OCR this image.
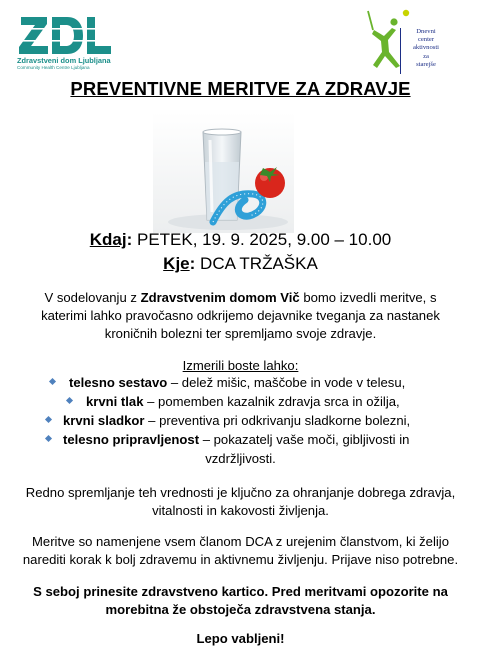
Zdravstveni dom Ljubljana
Community Health Centre Ljubljana
Dnevni
center
aktivnosti
za
starejše
PREVENTIVNE MERITVE ZA ZDRAVJE
Kdaj: PETEK, 19. 9. 2025, 9.00 – 10.00
Kje: DCA TRŽAŠKA
V sodelovanju z Zdravstvenim domom Vič bomo izvedli meritve, s katerimi lahko pravočasno odkrijemo dejavnike tveganja za nastanek kroničnih bolezni ter spremljamo svoje zdravje.
Izmerili boste lahko:
telesno sestavo – delež mišic, maščobe in vode v telesu,
krvni tlak – pomemben kazalnik zdravja srca in ožilja,
krvni sladkor – preventiva pri odkrivanju sladkorne bolezni,
telesno pripravljenost – pokazatelj vaše moči, gibljivosti in
vzdržljivosti.
Redno spremljanje teh vrednosti je ključno za ohranjanje dobrega zdravja, vitalnosti in kakovosti življenja.
Meritve so namenjene vsem članom DCA z urejenim članstvom, ki želijo narediti korak k bolj zdravemu in aktivnemu življenju. Prijave niso potrebne.
S seboj prinesite zdravstveno kartico. Pred meritvami opozorite na morebitna že obstoječa zdravstvena stanja.
Lepo vabljeni!
